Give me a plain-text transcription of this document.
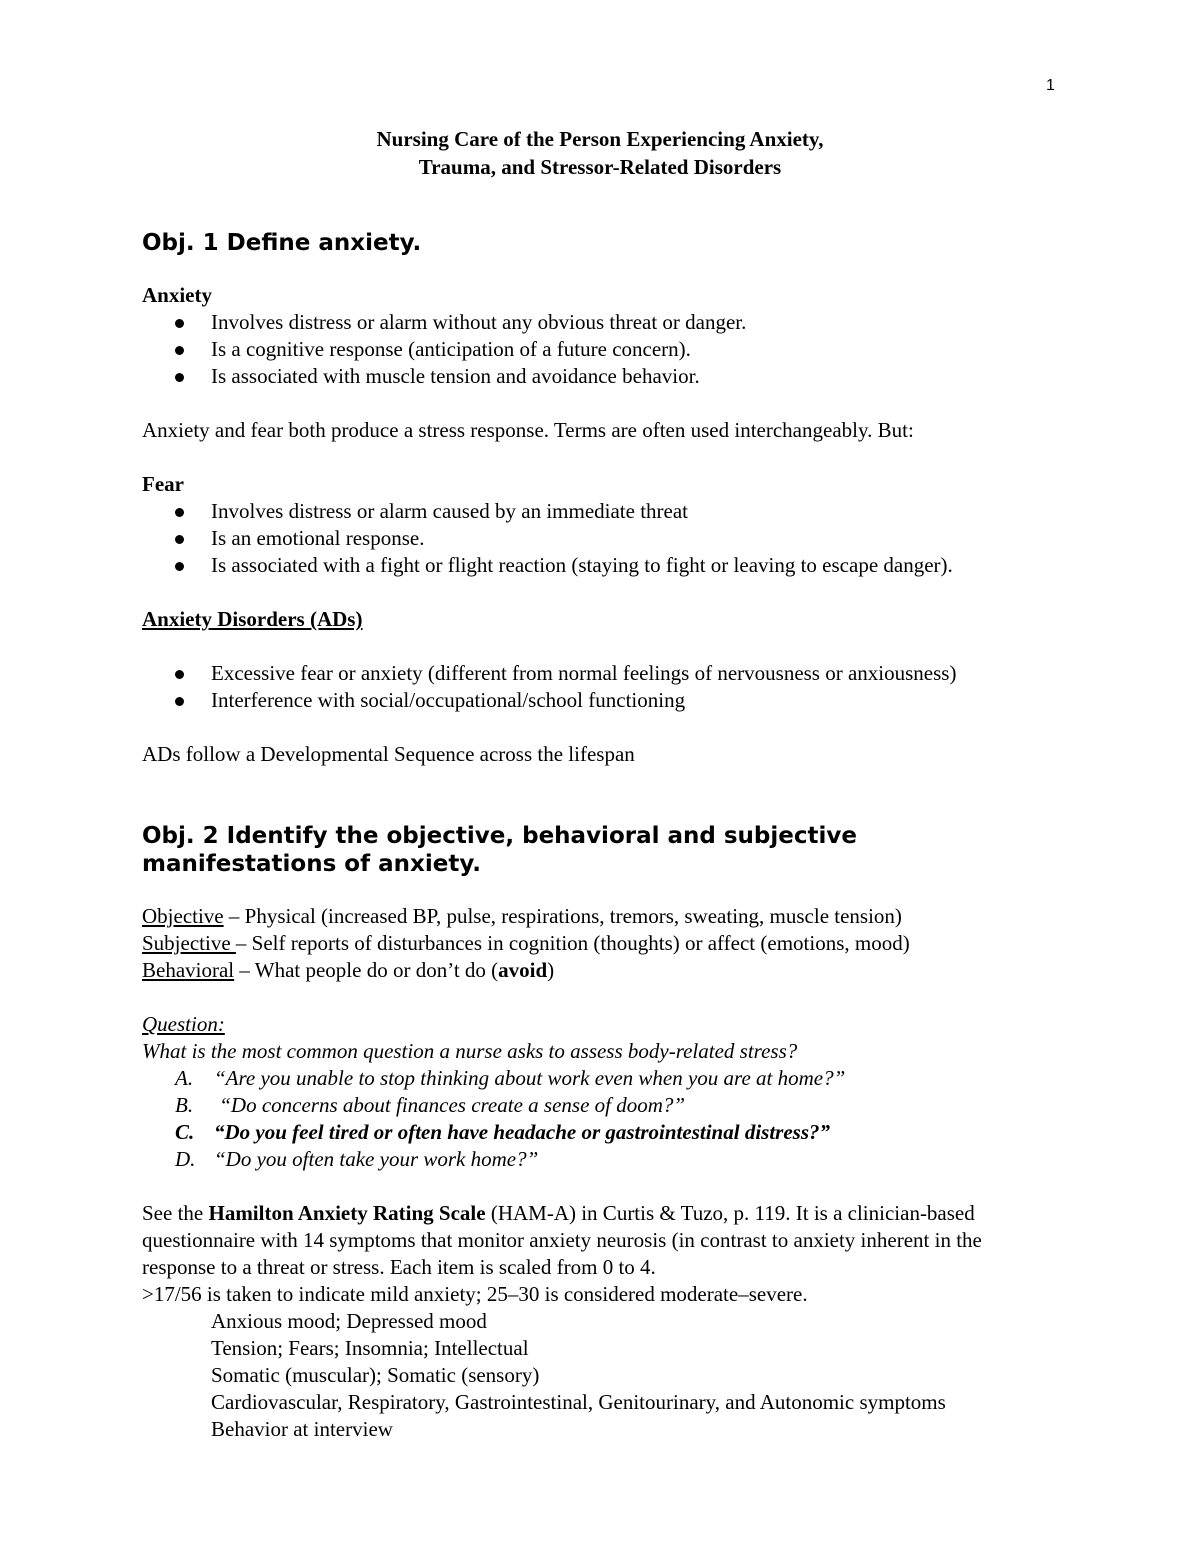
1
Nursing Care of the Person Experiencing Anxiety,
Trauma, and Stressor-Related Disorders
Obj. 1 Define anxiety.
Anxiety
Involves distress or alarm without any obvious threat or danger.
Is a cognitive response (anticipation of a future concern).
Is associated with muscle tension and avoidance behavior.
Anxiety and fear both produce a stress response. Terms are often used interchangeably. But:
Fear
Involves distress or alarm caused by an immediate threat
Is an emotional response.
Is associated with a fight or flight reaction (staying to fight or leaving to escape danger).
Anxiety Disorders (ADs)
Excessive fear or anxiety (different from normal feelings of nervousness or anxiousness)
Interference with social/occupational/school functioning
ADs follow a Developmental Sequence across the lifespan
Obj. 2 Identify the objective, behavioral and subjective manifestations of anxiety.
Objective – Physical (increased BP, pulse, respirations, tremors, sweating, muscle tension)
Subjective – Self reports of disturbances in cognition (thoughts) or affect (emotions, mood)
Behavioral – What people do or don’t do (avoid)
Question:
What is the most common question a nurse asks to assess body-related stress?
A. “Are you unable to stop thinking about work even when you are at home?”
B. “Do concerns about finances create a sense of doom?”
C. “Do you feel tired or often have headache or gastrointestinal distress?”
D. “Do you often take your work home?”
See the Hamilton Anxiety Rating Scale (HAM-A) in Curtis & Tuzo, p. 119. It is a clinician-based questionnaire with 14 symptoms that monitor anxiety neurosis (in contrast to anxiety inherent in the response to a threat or stress. Each item is scaled from 0 to 4.
>17/56 is taken to indicate mild anxiety; 25–30 is considered moderate–severe.
Anxious mood; Depressed mood
Tension; Fears; Insomnia; Intellectual
Somatic (muscular); Somatic (sensory)
Cardiovascular, Respiratory, Gastrointestinal, Genitourinary, and Autonomic symptoms
Behavior at interview
